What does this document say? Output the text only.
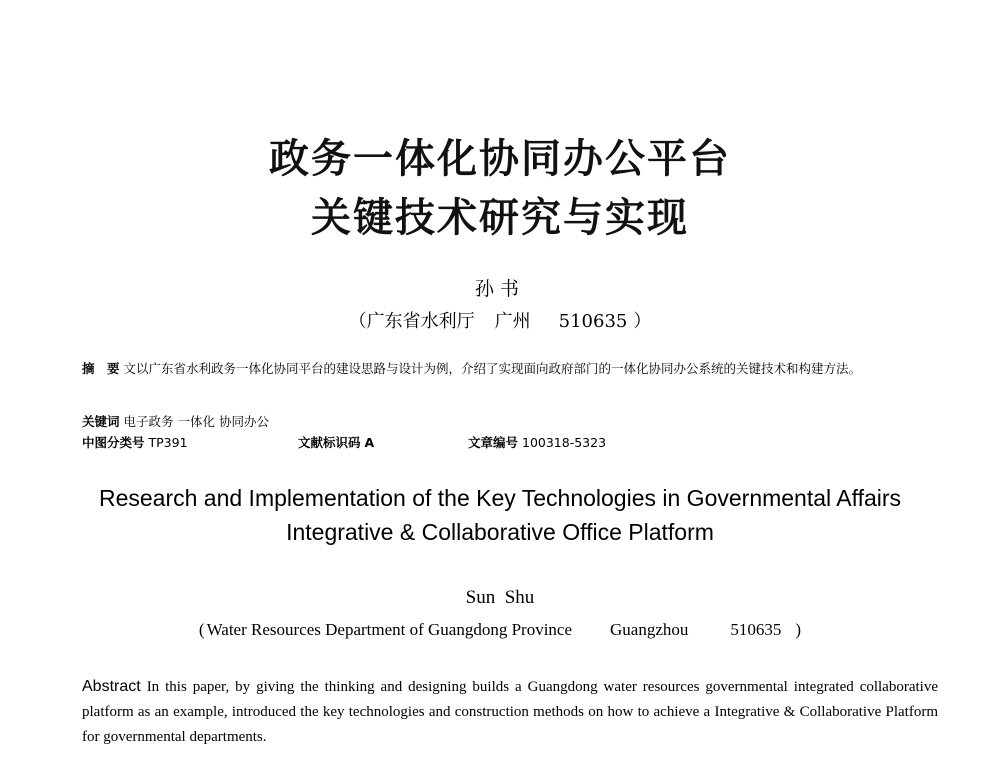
政务一体化协同办公平台
关键技术研究与实现
孙书
（广东省水利厅 广州 510635 ）
摘　要 文以广东省水利政务一体化协同平台的建设思路与设计为例，介绍了实现面向政府部门的一体化协同办公系统的关键技术和构建方法。
关键词 电子政务 一体化 协同办公
中图分类号 TP391	文献标识码 A	文章编号 100318-5323
Research and Implementation of the Key Technologies in Governmental Affairs
Integrative & Collaborative Office Platform
Sun  Shu
( Water Resources Department of Guangdong Province Guangzhou 510635 )
Abstract In this paper, by giving the thinking and designing builds a Guangdong water resources governmental integrated collaborative platform as an example, introduced the key technologies and construction methods on how to achieve a Integrative & Collaborative Platform for governmental departments.
